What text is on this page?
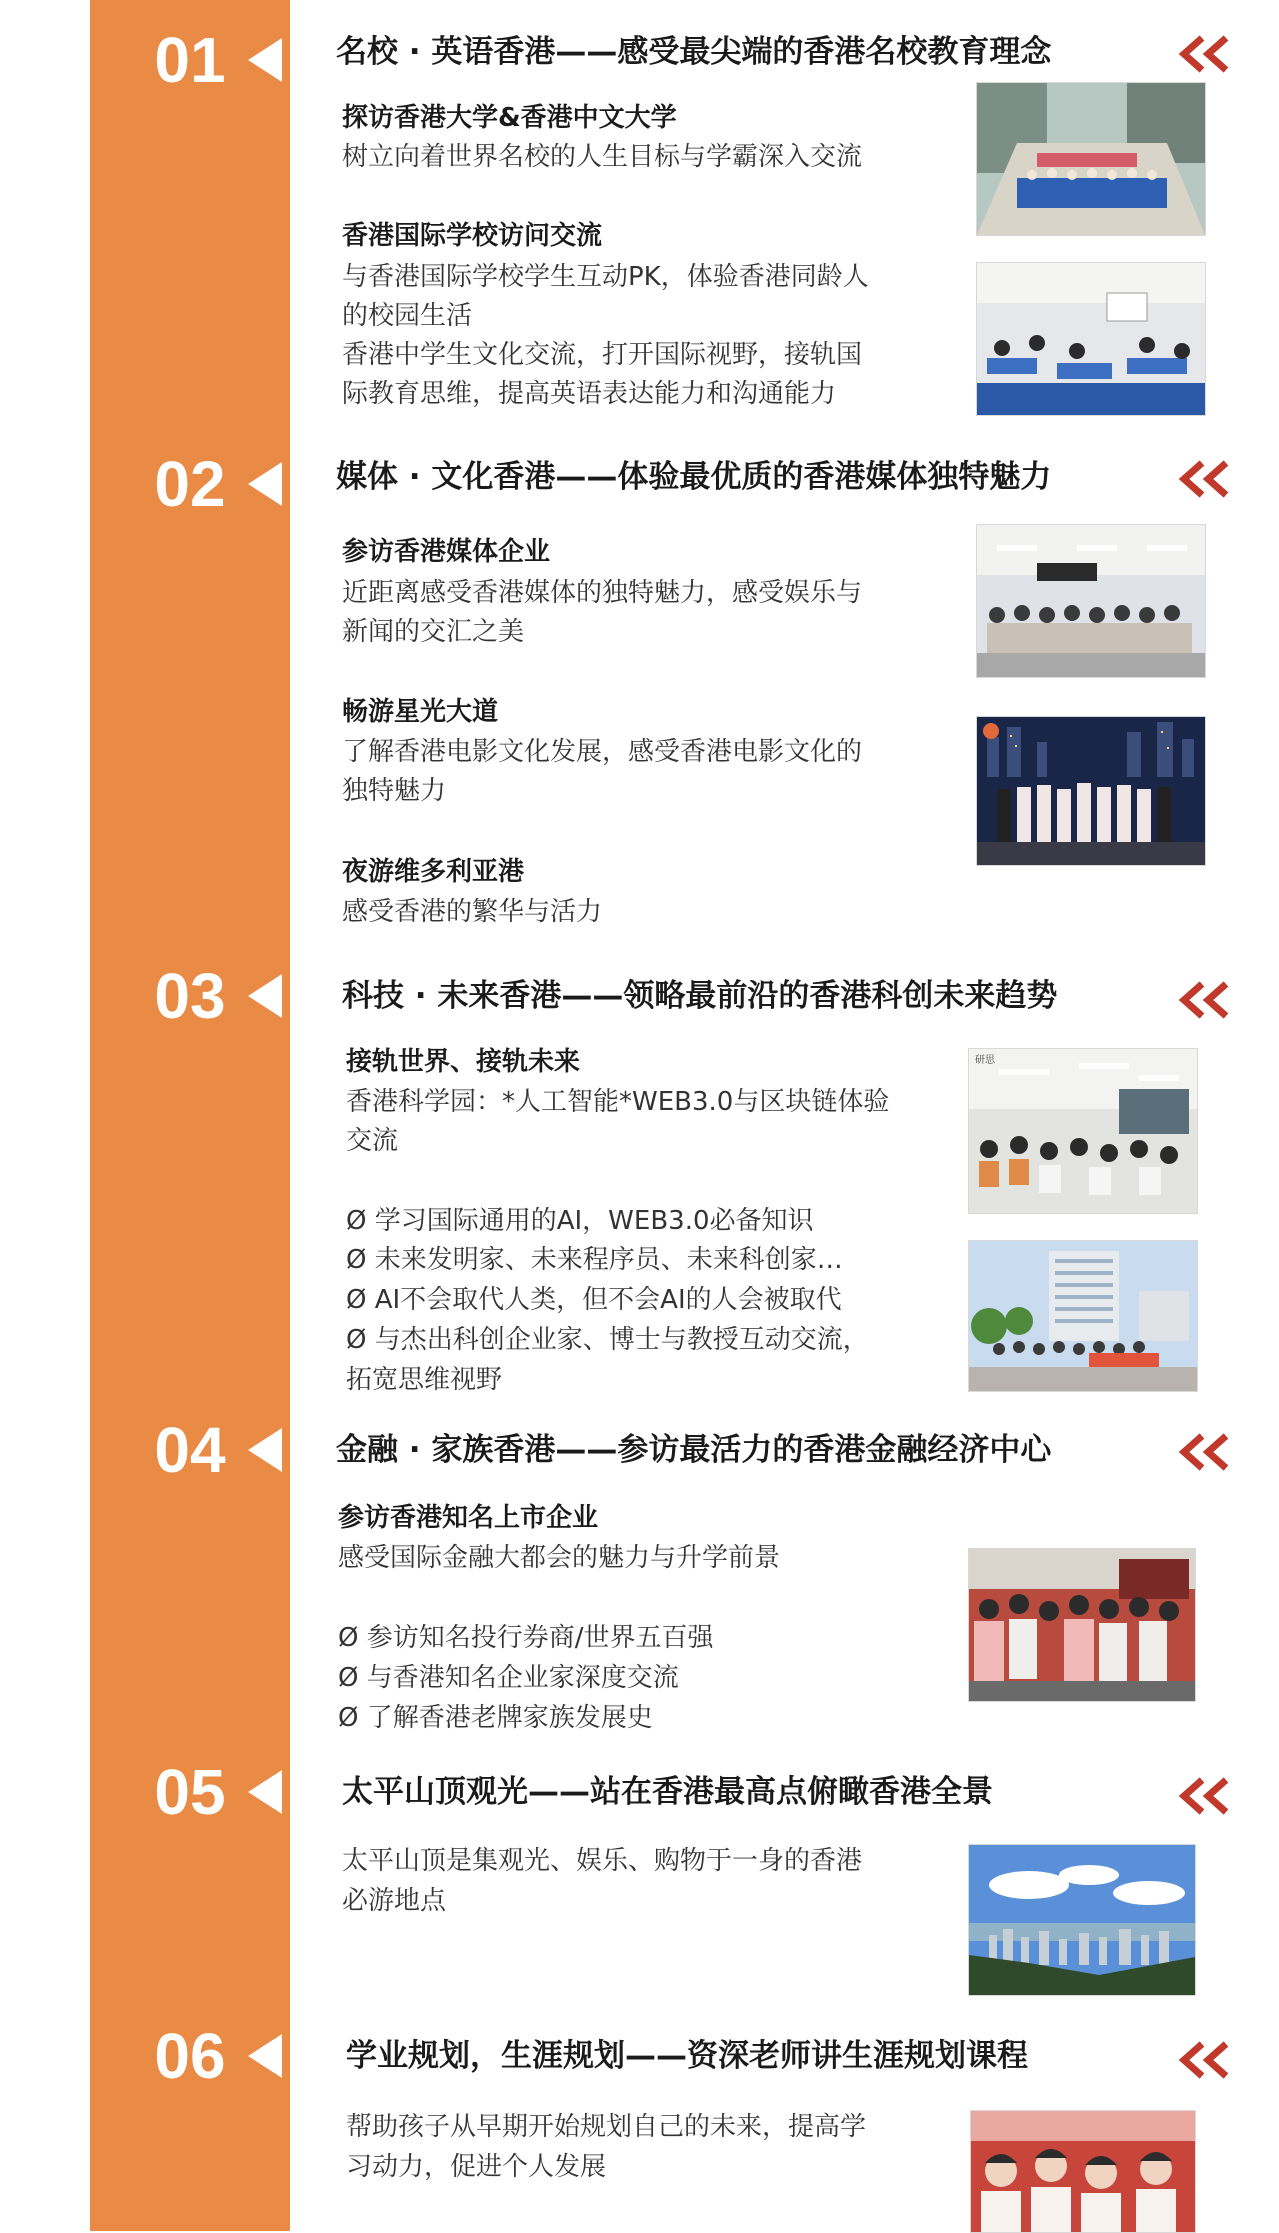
01	名校 · 英语香港——感受最尖端的香港名校教育理念
探访香港大学&香港中文大学
树立向着世界名校的人生目标与学霸深入交流
香港国际学校访问交流
与香港国际学校学生互动PK，体验香港同龄人
的校园生活
香港中学生文化交流，打开国际视野，接轨国
际教育思维，提高英语表达能力和沟通能力
02	媒体 · 文化香港——体验最优质的香港媒体独特魅力
参访香港媒体企业
近距离感受香港媒体的独特魅力，感受娱乐与
新闻的交汇之美
畅游星光大道
了解香港电影文化发展，感受香港电影文化的
独特魅力
夜游维多利亚港
感受香港的繁华与活力
03	科技 · 未来香港——领略最前沿的香港科创未来趋势
接轨世界、接轨未来
香港科学园：*人工智能*WEB3.0与区块链体验
交流
Ø 学习国际通用的AI，WEB3.0必备知识
Ø 未来发明家、未来程序员、未来科创家…
Ø AI不会取代人类，但不会AI的人会被取代
Ø 与杰出科创企业家、博士与教授互动交流，
拓宽思维视野
研思
04	金融 · 家族香港——参访最活力的香港金融经济中心
参访香港知名上市企业
感受国际金融大都会的魅力与升学前景
Ø 参访知名投行券商/世界五百强
Ø 与香港知名企业家深度交流
Ø 了解香港老牌家族发展史
05	太平山顶观光——站在香港最高点俯瞰香港全景
太平山顶是集观光、娱乐、购物于一身的香港
必游地点
06	学业规划，生涯规划——资深老师讲生涯规划课程
帮助孩子从早期开始规划自己的未来，提高学
习动力，促进个人发展
